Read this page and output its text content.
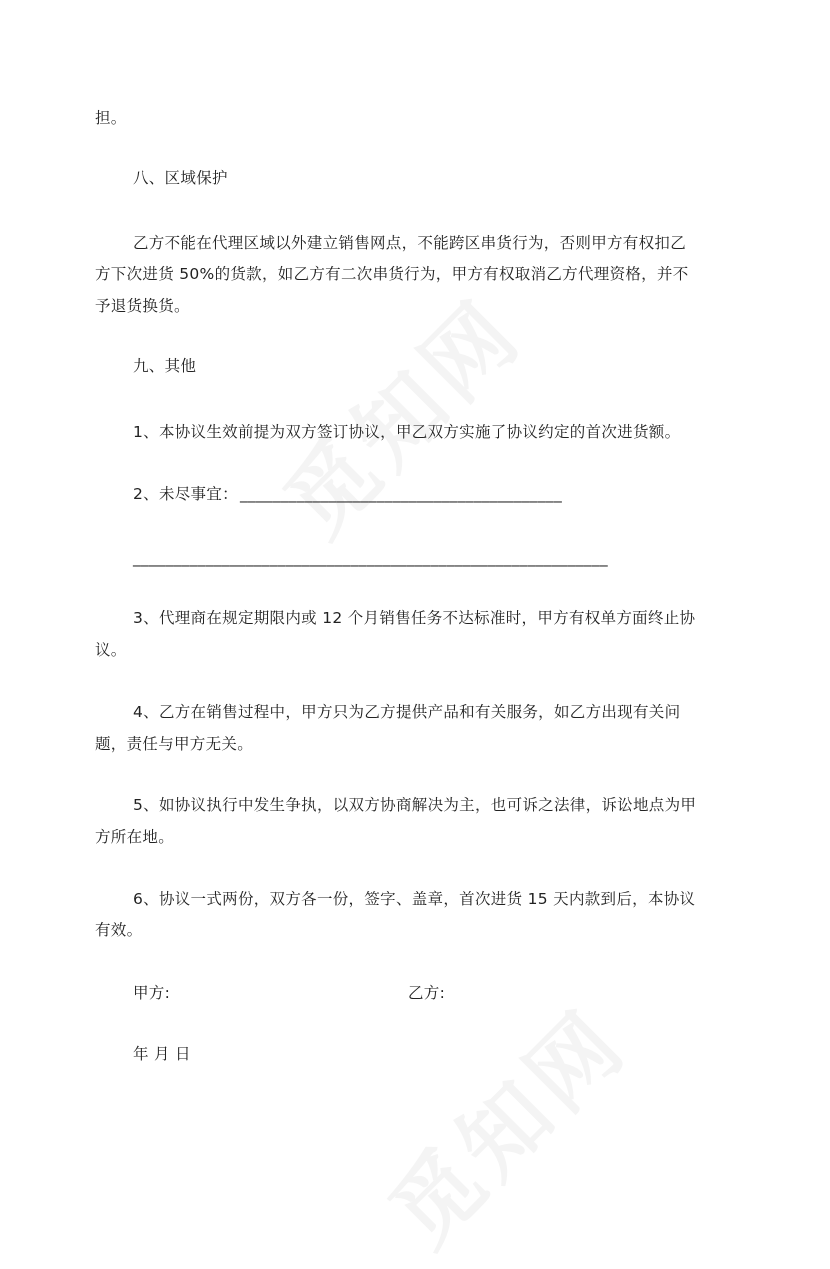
担。
八、区域保护
乙方不能在代理区域以外建立销售网点，不能跨区串货行为，否则甲方有权扣乙
方下次进货 50%的货款，如乙方有二次串货行为，甲方有权取消乙方代理资格，并不
予退货换货。
九、其他
1、本协议生效前提为双方签订协议，甲乙双方实施了协议约定的首次进货额。
2、未尽事宜： ________________________________________
___________________________________________________________
3、代理商在规定期限内或 12 个月销售任务不达标准时，甲方有权单方面终止协
议。
4、乙方在销售过程中，甲方只为乙方提供产品和有关服务，如乙方出现有关问
题，责任与甲方无关。
5、如协议执行中发生争执，以双方协商解决为主，也可诉之法律，诉讼地点为甲
方所在地。
6、协议一式两份，双方各一份，签字、盖章，首次进货 15 天内款到后，本协议
有效。
甲方:	乙方:
年 月 日
